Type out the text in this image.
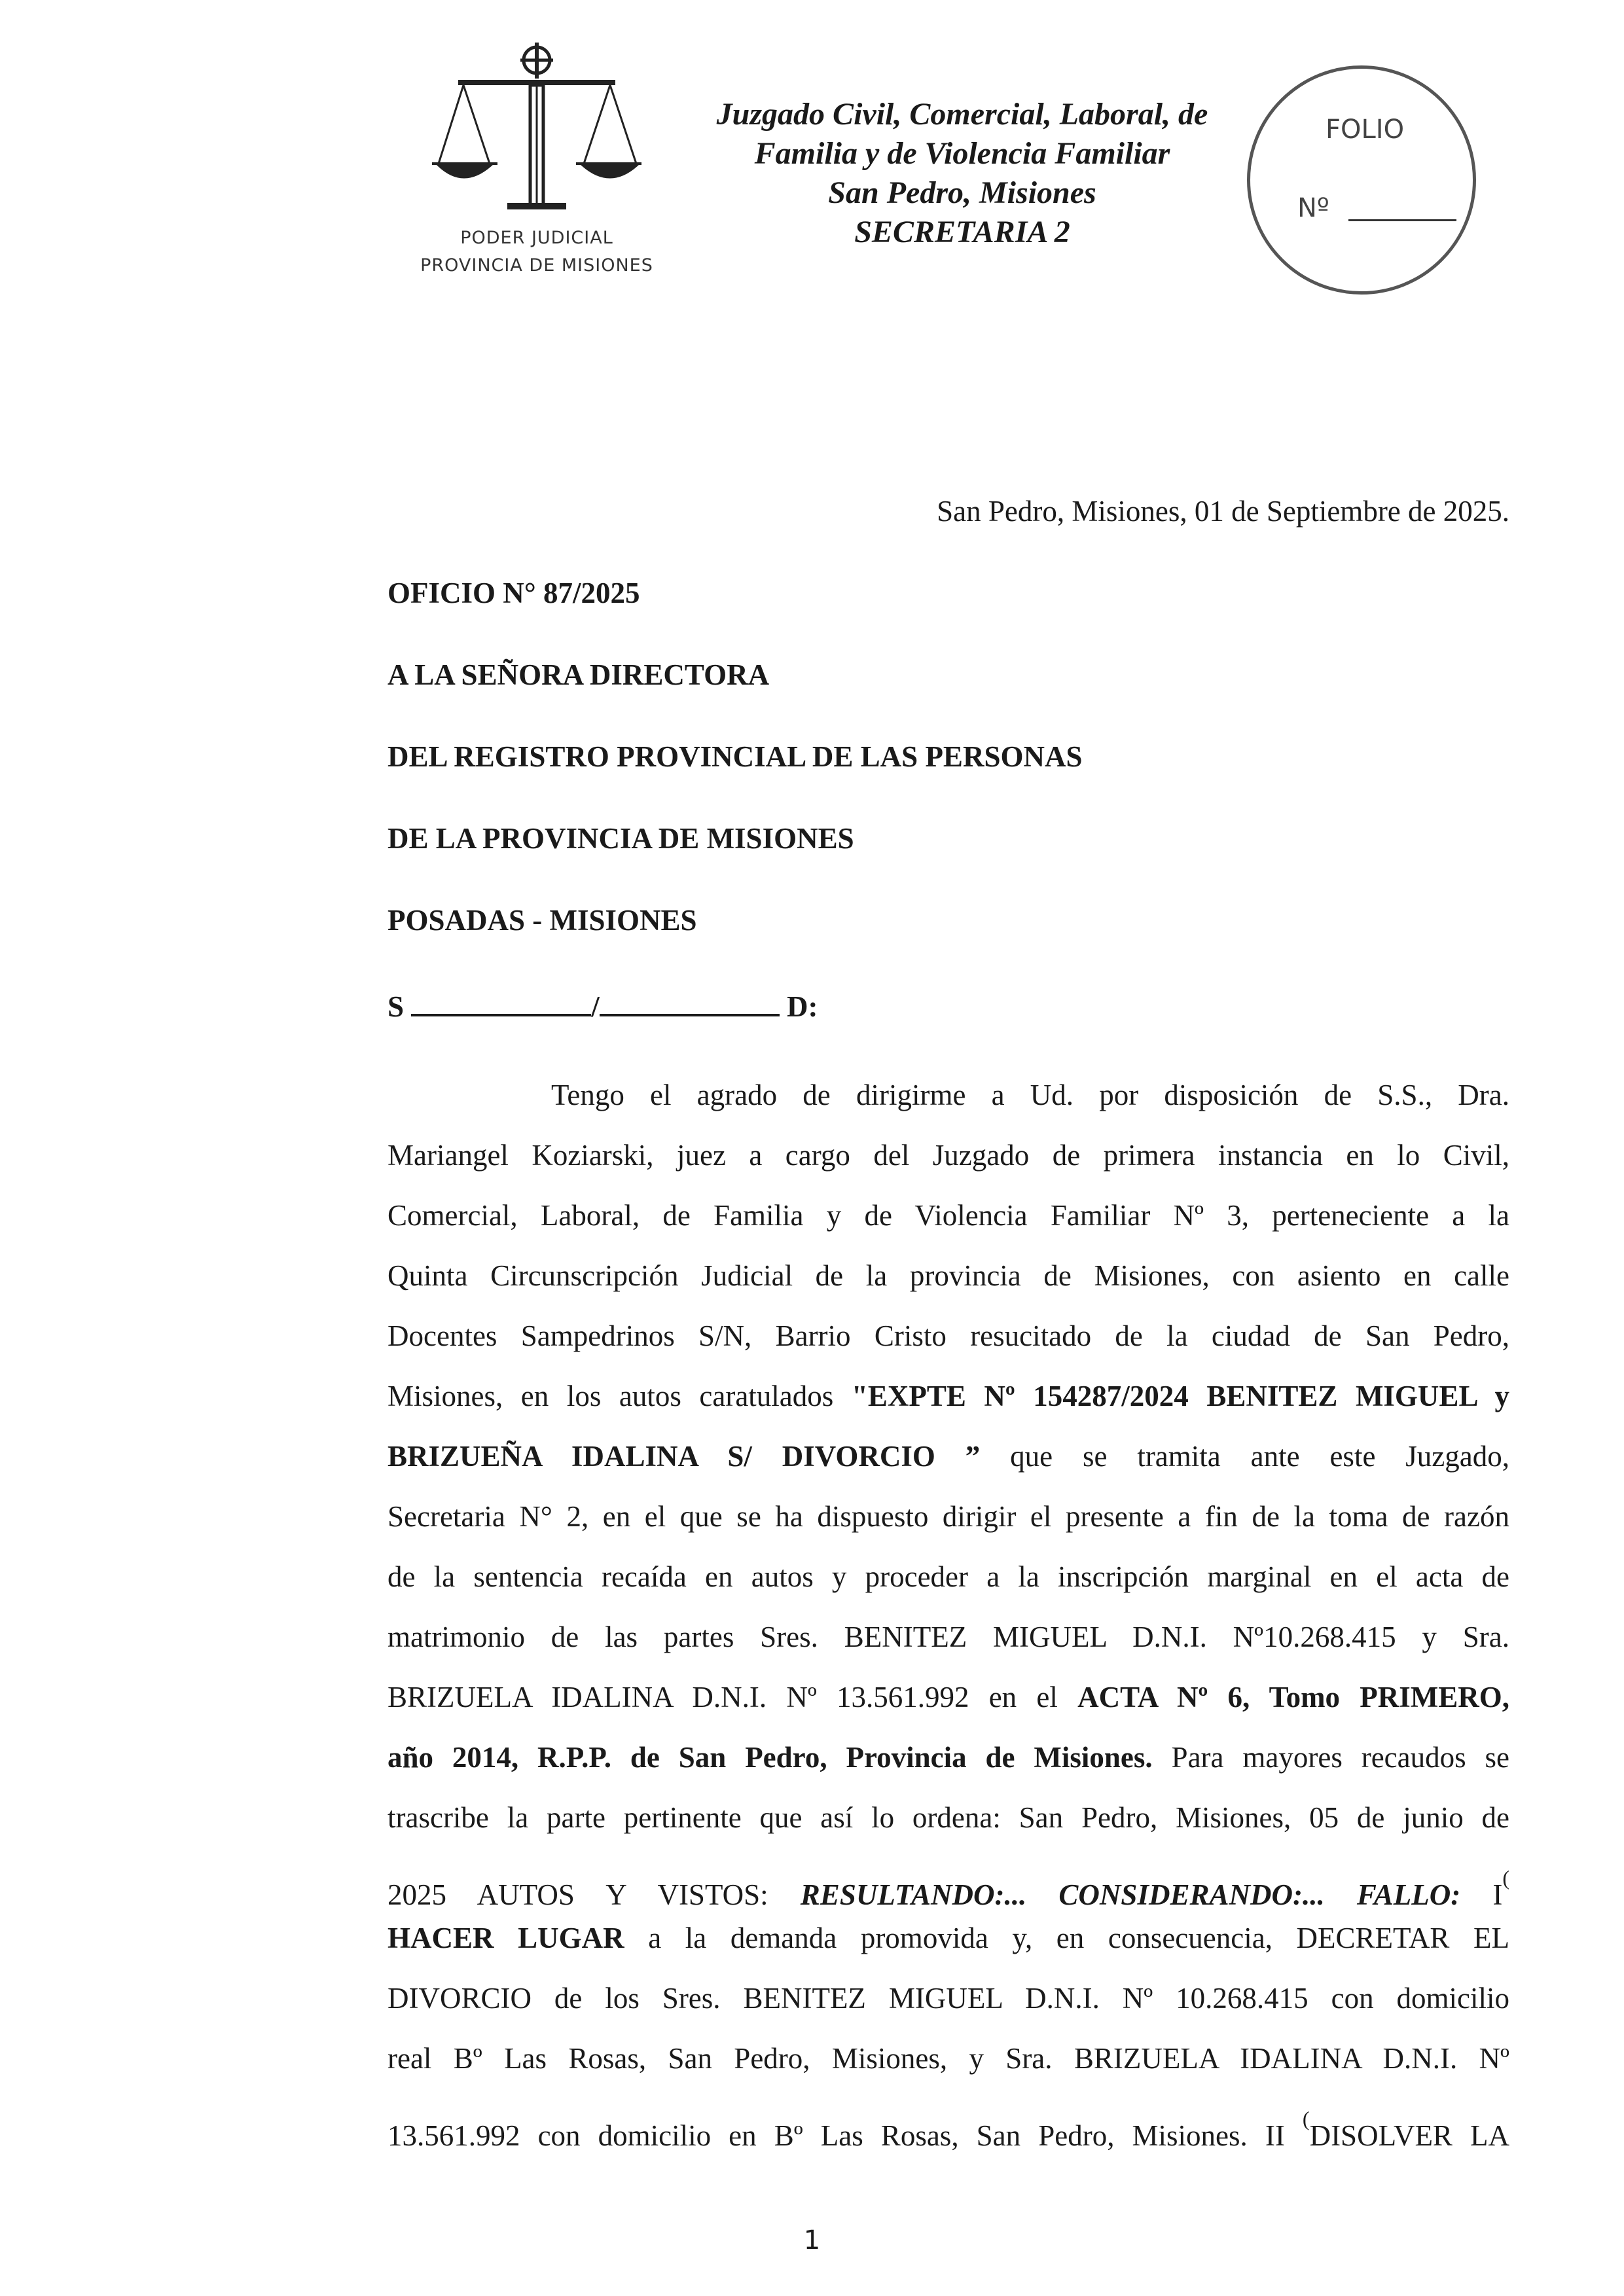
PODER JUDICIAL
PROVINCIA DE MISIONES
Juzgado Civil, Comercial, Laboral, de
Familia y de Violencia Familiar
San Pedro, Misiones
SECRETARIA 2
FOLIO
Nº
San Pedro, Misiones, 01 de Septiembre de 2025.
OFICIO N° 87/2025
A LA SEÑORA DIRECTORA
DEL REGISTRO PROVINCIAL DE LAS PERSONAS
DE LA PROVINCIA DE MISIONES
POSADAS - MISIONES
S	/	D:
Tengo el agrado de dirigirme a Ud. por disposición de S.S., Dra.
Mariangel Koziarski, juez a cargo del Juzgado de primera instancia en lo Civil,
Comercial, Laboral, de Familia y de Violencia Familiar Nº 3, perteneciente a la
Quinta Circunscripción Judicial de la provincia de Misiones, con asiento en calle
Docentes Sampedrinos S/N, Barrio Cristo resucitado de la ciudad de San Pedro,
Misiones, en los autos caratulados "EXPTE Nº 154287/2024 BENITEZ MIGUEL y
BRIZUEÑA IDALINA S/ DIVORCIO ” que se tramita ante este Juzgado,
Secretaria N° 2, en el que se ha dispuesto dirigir el presente a fin de la toma de razón
de la sentencia recaída en autos y proceder a la inscripción marginal en el acta de
matrimonio de las partes Sres. BENITEZ MIGUEL D.N.I. Nº10.268.415 y Sra.
BRIZUELA IDALINA D.N.I. Nº 13.561.992 en el ACTA Nº 6, Tomo PRIMERO,
año 2014, R.P.P. de San Pedro, Provincia de Misiones. Para mayores recaudos se
trascribe la parte pertinente que así lo ordena: San Pedro, Misiones, 05 de junio de
2025 AUTOS Y VISTOS: RESULTANDO:... CONSIDERANDO:... FALLO: I(
HACER LUGAR a la demanda promovida y, en consecuencia, DECRETAR EL
DIVORCIO de los Sres. BENITEZ MIGUEL D.N.I. Nº 10.268.415 con domicilio
real Bº Las Rosas, San Pedro, Misiones, y Sra. BRIZUELA IDALINA D.N.I. Nº
13.561.992 con domicilio en Bº Las Rosas, San Pedro, Misiones. II (DISOLVER LA
1
